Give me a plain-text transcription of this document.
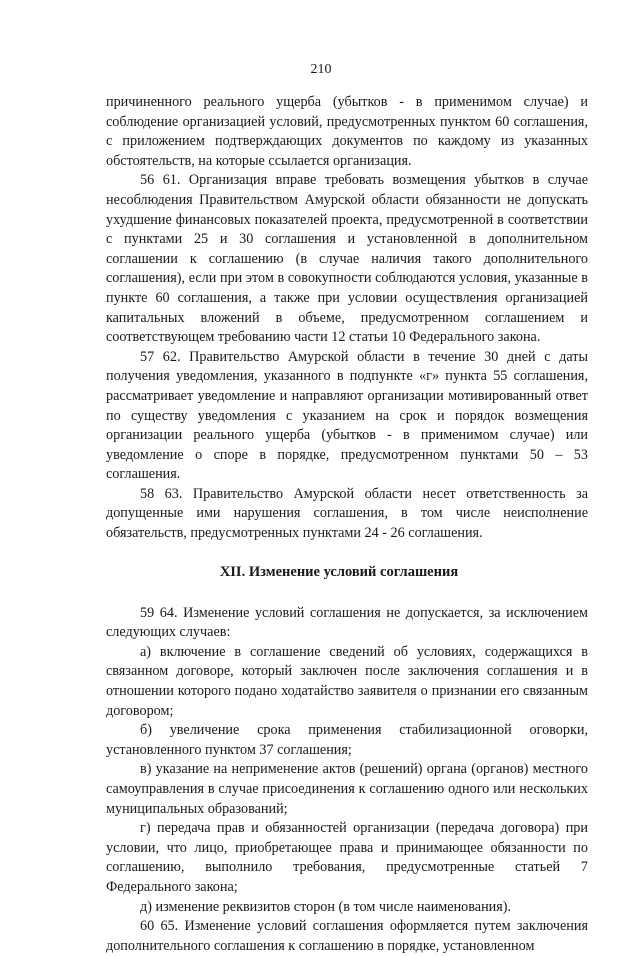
210

причиненного реального ущерба (убытков - в применимом случае) и соблюдение организацией условий, предусмотренных пунктом 60 соглашения, с приложением подтверждающих документов по каждому из указанных обстоятельств, на которые ссылается организация.

56 61. Организация вправе требовать возмещения убытков в случае несоблюдения Правительством Амурской области обязанности не допускать ухудшение финансовых показателей проекта, предусмотренной в соответствии с пунктами 25 и 30 соглашения и установленной в дополнительном соглашении к соглашению (в случае наличия такого дополнительного соглашения), если при этом в совокупности соблюдаются условия, указанные в пункте 60 соглашения, а также при условии осуществления организацией капитальных вложений в объеме, предусмотренном соглашением и соответствующем требованию части 12 статьи 10 Федерального закона.

57 62. Правительство Амурской области в течение 30 дней с даты получения уведомления, указанного в подпункте «г» пункта 55 соглашения, рассматривает уведомление и направляют организации мотивированный ответ по существу уведомления с указанием на срок и порядок возмещения организации реального ущерба (убытков - в применимом случае) или уведомление о споре в порядке, предусмотренном пунктами 50 – 53 соглашения.

58 63. Правительство Амурской области несет ответственность за допущенные ими нарушения соглашения, в том числе неисполнение обязательств, предусмотренных пунктами 24 - 26 соглашения.

XII. Изменение условий соглашения

59 64. Изменение условий соглашения не допускается, за исключением следующих случаев:

а) включение в соглашение сведений об условиях, содержащихся в связанном договоре, который заключен после заключения соглашения и в отношении которого подано ходатайство заявителя о признании его связанным договором;

б) увеличение срока применения стабилизационной оговорки, установленного пунктом 37 соглашения;

в) указание на неприменение актов (решений) органа (органов) местного самоуправления в случае присоединения к соглашению одного или нескольких муниципальных образований;

г) передача прав и обязанностей организации (передача договора) при условии, что лицо, приобретающее права и принимающее обязанности по соглашению, выполнило требования, предусмотренные статьей 7 Федерального закона;

д) изменение реквизитов сторон (в том числе наименования).

60 65. Изменение условий соглашения оформляется путем заключения дополнительного соглашения к соглашению в порядке, установленном
